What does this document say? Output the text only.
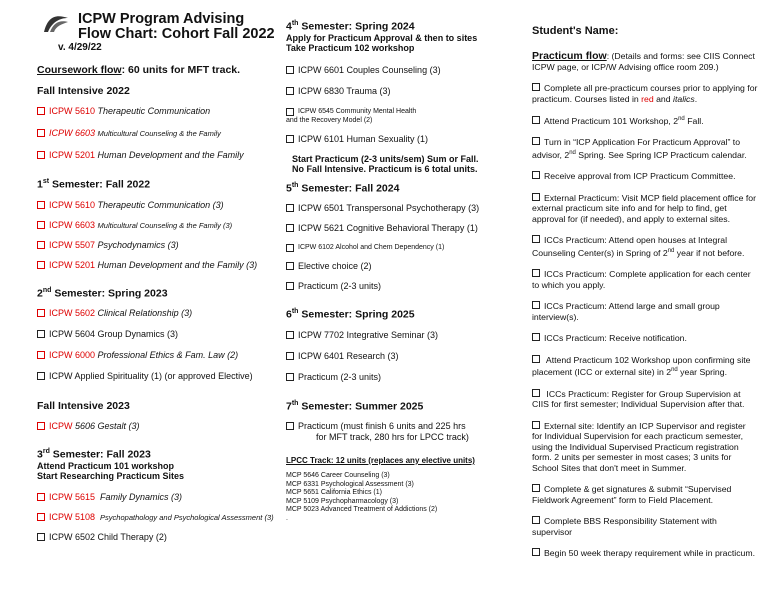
ICPW Program Advising
Flow Chart: Cohort Fall 2022
v. 4/29/22
Coursework flow: 60 units for MFT track.
Fall Intensive 2022
ICPW 5610
Therapeutic Communication
ICPW 6603
Multicultural Counseling & the Family
ICPW 5201
Human Development and the Family
1st Semester: Fall 2022
ICPW 5610
Therapeutic Communication (3)
ICPW 6603
Multicultural Counseling & the Family (3)
ICPW 5507
Psychodynamics (3)
ICPW 5201
Human Development and the Family (3)
2nd Semester: Spring 2023
ICPW 5602
Clinical Relationship (3)
ICPW 5604 Group Dynamics (3)
ICPW 6000
Professional Ethics & Fam. Law (2)
ICPW Applied Spirituality (1) (or approved Elective)
Fall Intensive 2023
ICPW
5606 Gestalt (3)
3rd Semester: Fall 2023
Attend Practicum 101 workshop
Start Researching Practicum Sites
ICPW 5615
Family Dynamics (3)
ICPW 5108
Psychopathology and Psychological Assessment (3)
ICPW 6502 Child Therapy (2)
4th Semester: Spring 2024
Apply for Practicum Approval & then to sites
Take Practicum 102 workshop
ICPW 6601 Couples Counseling (3)
ICPW 6830 Trauma (3)
ICPW 6545 Community Mental Health
and the Recovery Model (2)
ICPW 6101 Human Sexuality (1)
Start Practicum (2-3 units/sem) Sum or Fall.
No Fall Intensive. Practicum is 6 total units.
5th Semester: Fall 2024
ICPW 6501 Transpersonal Psychotherapy (3)
ICPW 5621 Cognitive Behavioral Therapy (1)
ICPW 6102 Alcohol and Chem Dependency (1)
Elective choice (2)
Practicum (2-3 units)
6th Semester: Spring 2025
ICPW 7702 Integrative Seminar (3)
ICPW 6401 Research (3)
Practicum (2-3 units)
7th Semester: Summer 2025
Practicum (must finish 6 units and 225 hrs
for MFT track, 280 hrs for LPCC track)
LPCC Track: 12 units (replaces any elective units)
MCP 5646 Career Counseling (3)
MCP 6331 Psychological Assessment (3)
MCP 5651 California Ethics (1)
MCP 5109 Psychopharmacology (3)
MCP 5023 Advanced Treatment of Addictions (2)
.
Student's Name:

Practicum flow: (Details and forms: see CIIS Connect ICPW page, or ICP/W Advising office room 209.)

Complete all pre-practicum courses prior to applying for practicum. Courses listed in red and italics.

Attend Practicum 101 Workshop, 2nd Fall.

Turn in “ICP Application For Practicum Approval” to advisor, 2nd Spring. See Spring ICP Practicum calendar.

Receive approval from ICP Practicum Committee.

External Practicum: Visit MCP field placement office for external practicum site info and for help to find, get approval for (if needed), and apply to external sites.

ICCs Practicum: Attend open houses at Integral Counseling Center(s) in Spring of 2nd year if not before.

ICCs Practicum: Complete application for each center to which you apply.

ICCs Practicum: Attend large and small group interview(s).

ICCs Practicum: Receive notification.

Attend Practicum 102 Workshop upon confirming site placement (ICC or external site) in 2nd year Spring.

ICCs Practicum: Register for Group Supervision at CIIS for first semester; Individual Supervision after that.

External site: Identify an ICP Supervisor and register for Individual Supervision for each practicum semester, using the Individual Supervised Practicum registration form. 2 units per semester in most cases; 3 units for School Sites that don't meet in Summer.

Complete & get signatures & submit “Supervised Fieldwork Agreement” form to Field Placement.

Complete BBS Responsibility Statement with supervisor

Begin 50 week therapy requirement while in practicum.
